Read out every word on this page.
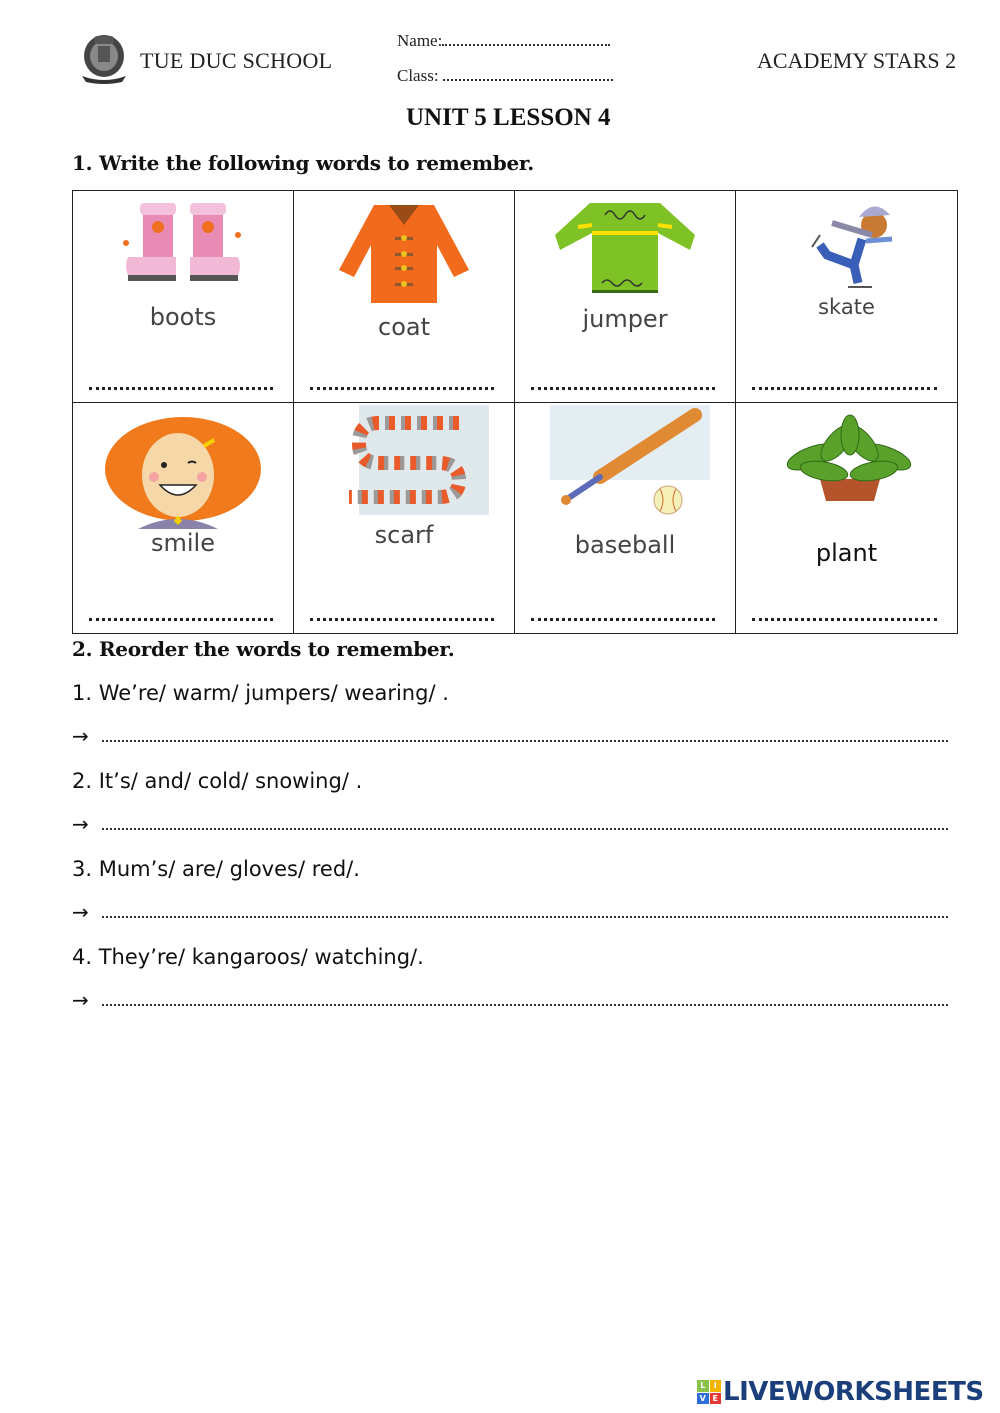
TUE DUC SCHOOL
Name:
Class:
ACADEMY STARS 2
UNIT 5 LESSON 4
1. Write the following words to remember.
boots	coat	jumper	skate
smile	scarf	baseball	plant
2. Reorder the words to remember.
1. We’re/ warm/ jumpers/ wearing/ .
→
2. It’s/ and/ cold/ snowing/ .
→
3. Mum’s/ are/ gloves/ red/.
→
4. They’re/ kangaroos/ watching/.
→
L	I
V E LIVEWORKSHEETS
